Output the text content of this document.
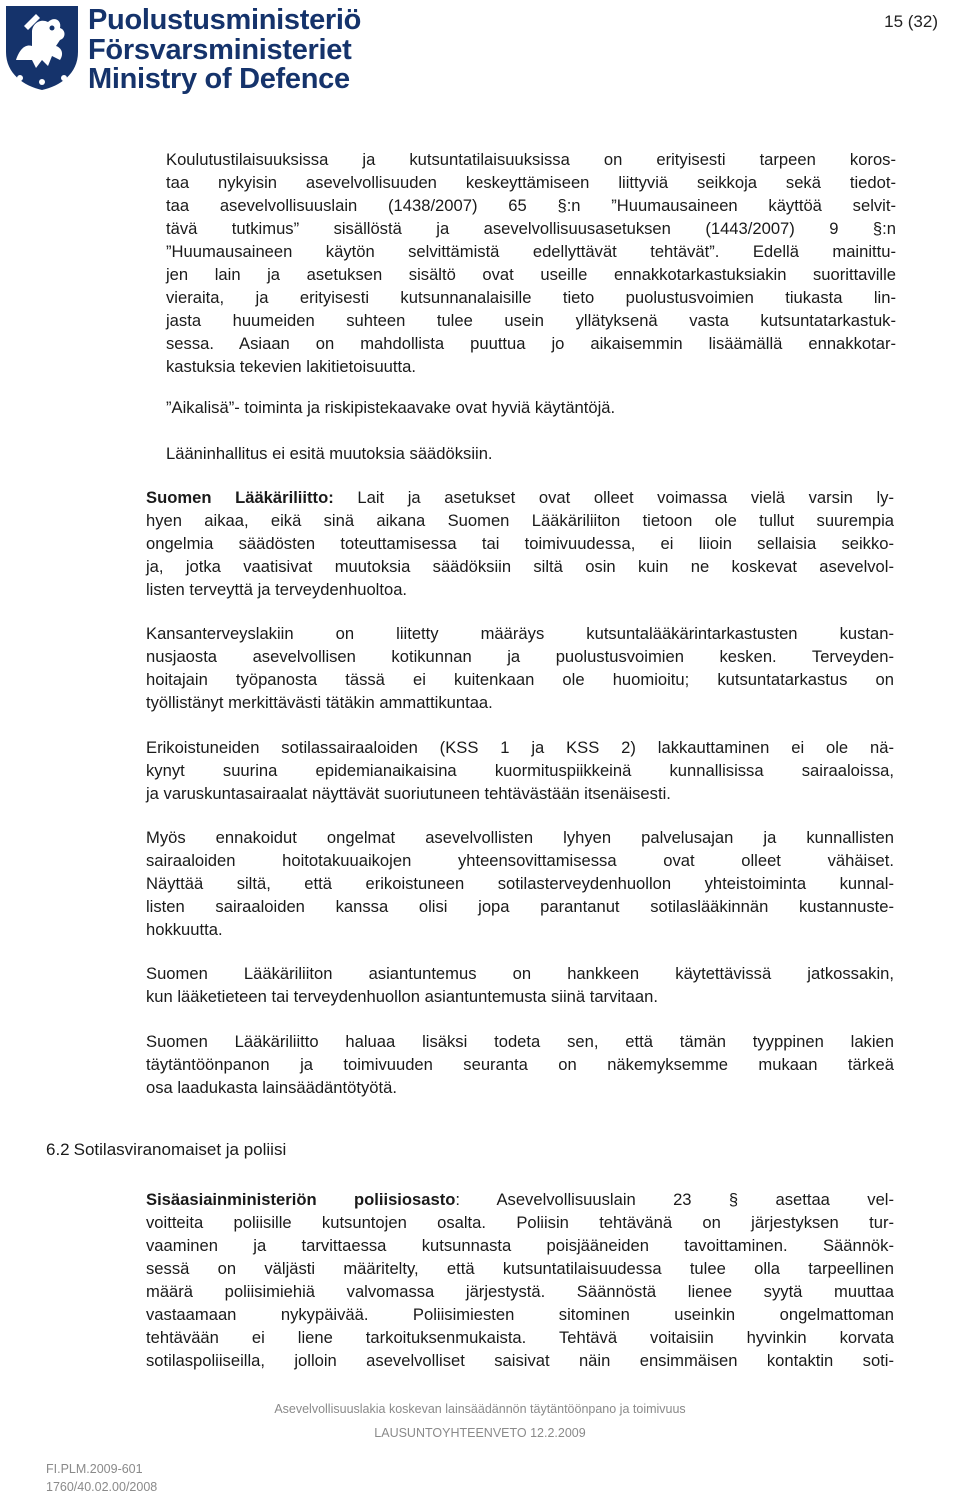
Puolustusministeriö
Försvarsministeriet
Ministry of Defence
15 (32)
Koulutustilaisuuksissa ja kutsuntatilaisuuksissa on erityisesti tarpeen koros-
taa nykyisin asevelvollisuuden keskeyttämiseen liittyviä seikkoja sekä tiedot-
taa asevelvollisuuslain (1438/2007) 65 §:n ”Huumausaineen käyttöä selvit-
tävä tutkimus” sisällöstä ja asevelvollisuusasetuksen (1443/2007) 9 §:n
”Huumausaineen käytön selvittämistä edellyttävät tehtävät”. Edellä mainittu-
jen lain ja asetuksen sisältö ovat useille ennakkotarkastuksiakin suorittaville
vieraita, ja erityisesti kutsunnanalaisille tieto puolustusvoimien tiukasta lin-
jasta huumeiden suhteen tulee usein yllätyksenä vasta kutsuntatarkastuk-
sessa. Asiaan on mahdollista puuttua jo aikaisemmin lisäämällä ennakkotar-
kastuksia tekevien lakitietoisuutta.
”Aikalisä”- toiminta ja riskipistekaavake ovat hyviä käytäntöjä.
Lääninhallitus ei esitä muutoksia säädöksiin.
Suomen Lääkäriliitto: Lait ja asetukset ovat olleet voimassa vielä varsin ly-
hyen aikaa, eikä sinä aikana Suomen Lääkäriliiton tietoon ole tullut suurempia
ongelmia säädösten toteuttamisessa tai toimivuudessa, ei liioin sellaisia seikko-
ja, jotka vaatisivat muutoksia säädöksiin siltä osin kuin ne koskevat asevelvol-
listen terveyttä ja terveydenhuoltoa.
Kansanterveyslakiin on liitetty määräys kutsuntalääkärintarkastusten kustan-
nusjaosta asevelvollisen kotikunnan ja puolustusvoimien kesken. Terveyden-
hoitajain työpanosta tässä ei kuitenkaan ole huomioitu; kutsuntatarkastus on
työllistänyt merkittävästi tätäkin ammattikuntaa.
Erikoistuneiden sotilassairaaloiden (KSS 1 ja KSS 2) lakkauttaminen ei ole nä-
kynyt suurina epidemianaikaisina kuormituspiikkeinä kunnallisissa sairaaloissa,
ja varuskuntasairaalat näyttävät suoriutuneen tehtävästään itsenäisesti.
Myös ennakoidut ongelmat asevelvollisten lyhyen palvelusajan ja kunnallisten
sairaaloiden hoitotakuuaikojen yhteensovittamisessa ovat olleet vähäiset.
Näyttää siltä, että erikoistuneen sotilasterveydenhuollon yhteistoiminta kunnal-
listen sairaaloiden kanssa olisi jopa parantanut sotilaslääkinnän kustannuste-
hokkuutta.
Suomen Lääkäriliiton asiantuntemus on hankkeen käytettävissä jatkossakin,
kun lääketieteen tai terveydenhuollon asiantuntemusta siinä tarvitaan.
Suomen Lääkäriliitto haluaa lisäksi todeta sen, että tämän tyyppinen lakien
täytäntöönpanon ja toimivuuden seuranta on näkemyksemme mukaan tärkeä
osa laadukasta lainsäädäntötyötä.
6.2 Sotilasviranomaiset ja poliisi
Sisäasiainministeriön poliisiosasto: Asevelvollisuuslain 23 § asettaa vel-
voitteita poliisille kutsuntojen osalta. Poliisin tehtävänä on järjestyksen tur-
vaaminen ja tarvittaessa kutsunnasta poisjääneiden tavoittaminen. Säännök-
sessä on väljästi määritelty, että kutsuntatilaisuudessa tulee olla tarpeellinen
määrä poliisimiehiä valvomassa järjestystä. Säännöstä lienee syytä muuttaa
vastaamaan nykypäivää. Poliisimiesten sitominen useinkin ongelmattoman
tehtävään ei liene tarkoituksenmukaista. Tehtävä voitaisiin hyvinkin korvata
sotilaspoliiseilla, jolloin asevelvolliset saisivat näin ensimmäisen kontaktin soti-
Asevelvollisuuslakia koskevan lainsäädännön täytäntöönpano ja toimivuus
LAUSUNTOYHTEENVETO 12.2.2009
FI.PLM.2009-601
1760/40.02.00/2008
